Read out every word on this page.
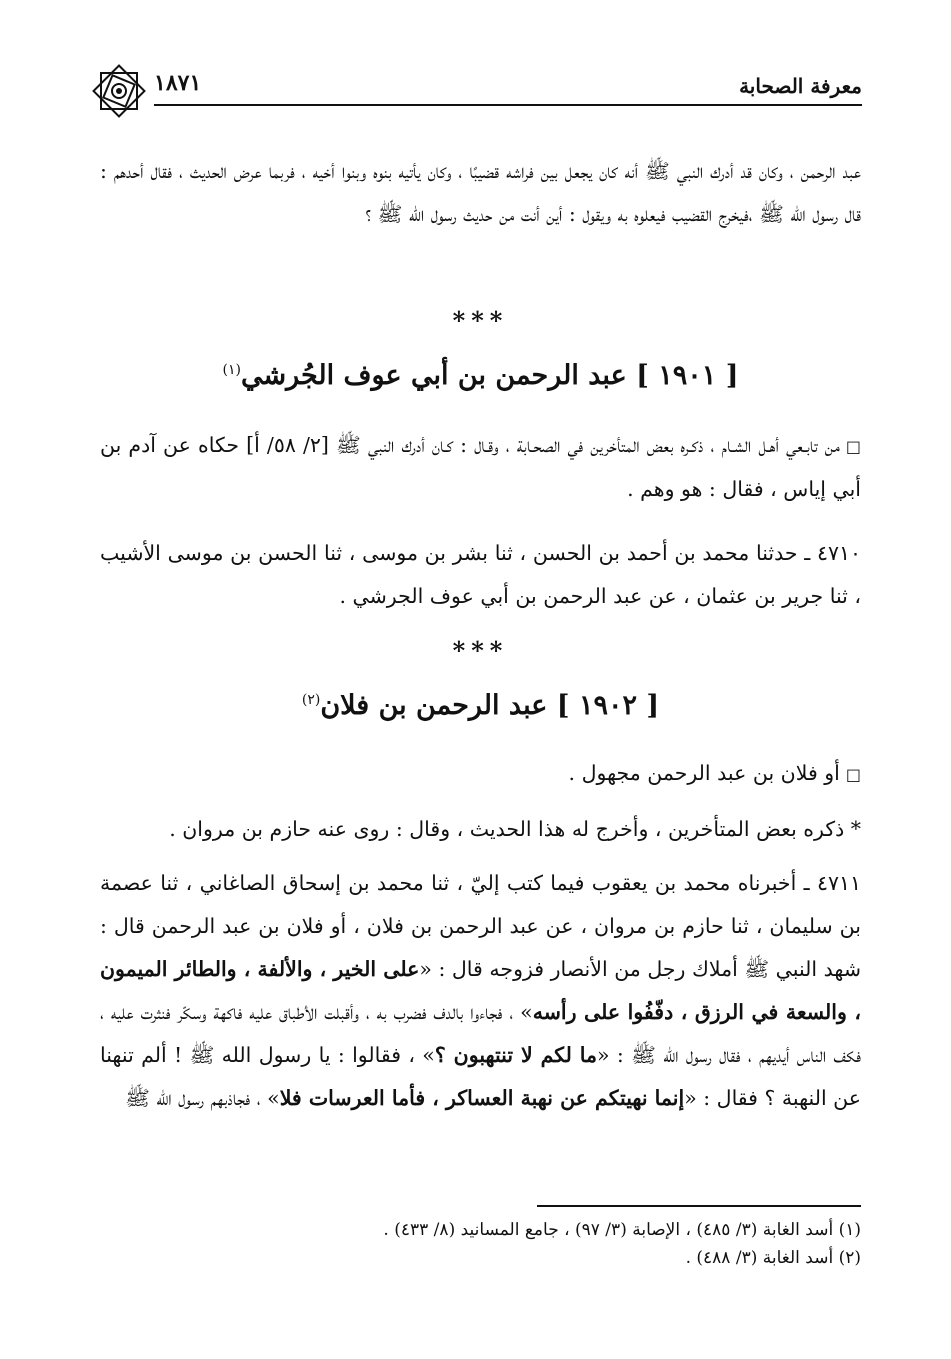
معرفة الصحابة
١٨٧١
عبد الرحمن ، وكان قد أدرك النبي ﷺ أنه كان يجعل بين فراشه قضيبًا ، وكان يأتيه بنوه وبنوا أخيه ، فربما عرض الحديث ، فقال أحدهم : قال رسول الله ﷺ ،فيخرج القضيب فيعلوه به ويقول : أين أنت من حديث رسول الله ﷺ ؟
***
[ ١٩٠١ ] عبد الرحمن بن أبي عوف الجُرشي$^{(١)}$
□من تابـعي أهـل الشـام ، ذكـره بعض المتأخرين في الصحـابة ، وقـال : كـان أدرك النبي ﷺ [٢/ ٥٨/ أ] حكاه عن آدم بن أبي إياس ، فقال : هو وهم .
٤٧١٠ ـ حدثنا محمد بن أحمد بن الحسن ، ثنا بشر بن موسى ، ثنا الحسن بن موسى الأشيب ، ثنا جرير بن عثمان ، عن عبد الرحمن بن أبي عوف الجرشي .
***
[ ١٩٠٢ ] عبد الرحمن بن فلان$^{(٢)}$
□أو فلان بن عبد الرحمن مجهول .
* ذكره بعض المتأخرين ، وأخرج له هذا الحديث ، وقال : روى عنه حازم بن مروان .
٤٧١١ ـ أخبرناه محمد بن يعقوب فيما كتب إليّ ، ثنا محمد بن إسحاق الصاغاني ، ثنا عصمة بن سليمان ، ثنا حازم بن مروان ، عن عبد الرحمن بن فلان ، أو فلان بن عبد الرحمن قال : شهد النبي ﷺ أملاك رجل من الأنصار فزوجه قال : «على الخير ، والألفة ، والطائر الميمون ، والسعة في الرزق ، دفّفُوا على رأسه» ، فجاءوا بالدف فضرب به ، وأقبلت الأطباق عليه فاكهة وسكّر فنثرت عليه ، فكف الناس أيديهم ، فقال رسول الله ﷺ : «ما لكم لا تنتهبون ؟» ، فقالوا : يا رسول الله ﷺ ! ألم تنهنا عن النهبة ؟ فقال : «إنما نهيتكم عن نهبة العساكر ، فأما العرسات فلا» ، فجاذبهم رسول الله ﷺ
(١) أسد الغابة (٣/ ٤٨٥) ، الإصابة (٣/ ٩٧) ، جامع المسانيد (٨/ ٤٣٣) .
(٢) أسد الغابة (٣/ ٤٨٨) .
